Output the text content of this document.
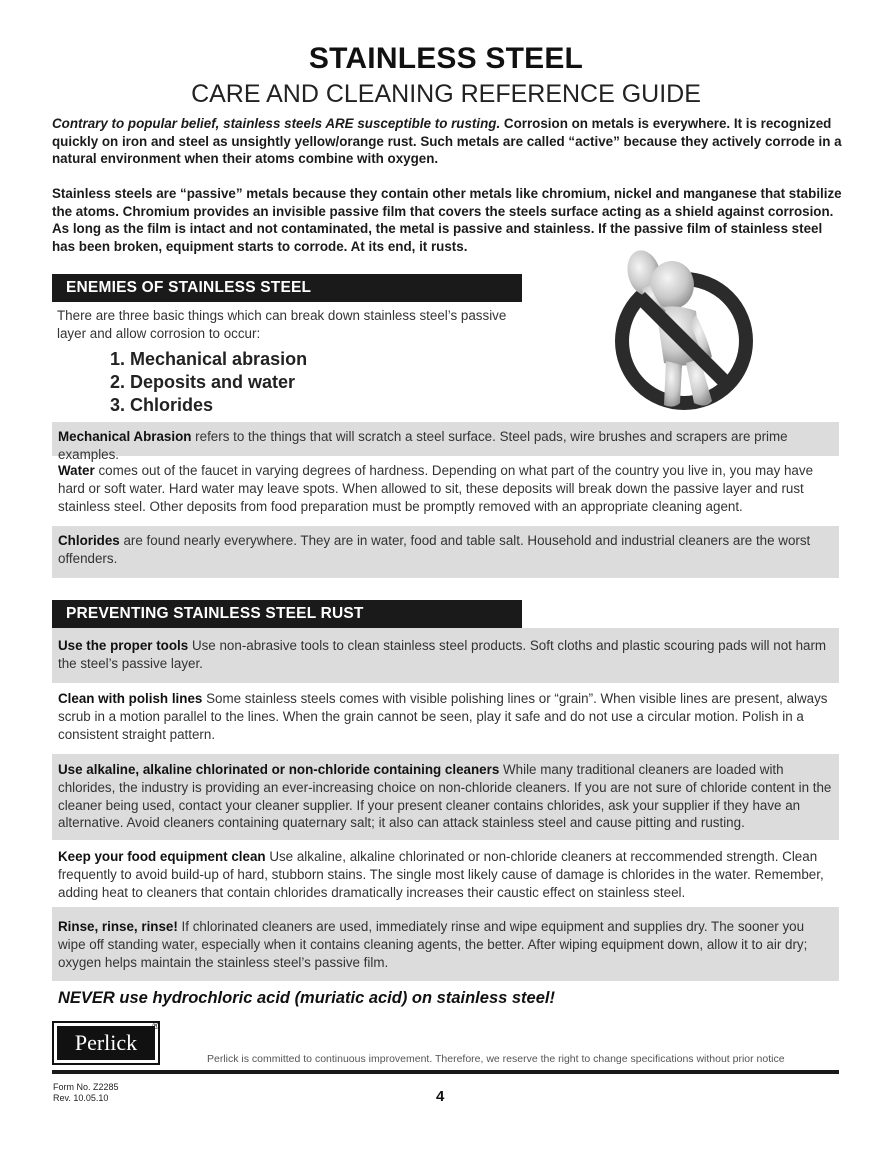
STAINLESS STEEL
CARE AND CLEANING REFERENCE GUIDE
Contrary to popular belief, stainless steels ARE susceptible to rusting. Corrosion on metals is everywhere. It is recognized quickly on iron and steel as unsightly yellow/orange rust. Such metals are called “active” because they actively corrode in a natural environment when their atoms combine with oxygen.
Stainless steels are “passive” metals because they contain other metals like chromium, nickel and manganese that stabilize the atoms. Chromium provides an invisible passive film that covers the steels surface acting as a shield against corrosion. As long as the film is intact and not contaminated, the metal is passive and stainless. If the passive film of stainless steel has been broken, equipment starts to corrode. At its end, it rusts.
ENEMIES OF STAINLESS STEEL
There are three basic things which can break down stainless steel’s passive layer and allow corrosion to occur:
1. Mechanical abrasion
2. Deposits and water
3. Chlorides
Mechanical Abrasion refers to the things that will scratch a steel surface. Steel pads, wire brushes and scrapers are prime examples.
Water comes out of the faucet in varying degrees of hardness. Depending on what part of the country you live in, you may have hard or soft water. Hard water may leave spots. When allowed to sit, these deposits will break down the passive layer and rust stainless steel. Other deposits from food preparation must be promptly removed with an appropriate cleaning agent.
Chlorides are found nearly everywhere. They are in water, food and table salt. Household and industrial cleaners are the worst offenders.
PREVENTING STAINLESS STEEL RUST
Use the proper tools Use non-abrasive tools to clean stainless steel products. Soft cloths and plastic scouring pads will not harm the steel’s passive layer.
Clean with polish lines Some stainless steels comes with visible polishing lines or “grain”. When visible lines are present, always scrub in a motion parallel to the lines. When the grain cannot be seen, play it safe and do not use a circular motion. Polish in a consistent straight pattern.
Use alkaline, alkaline chlorinated or non-chloride containing cleaners While many traditional cleaners are loaded with chlorides, the industry is providing an ever-increasing choice on non-chloride cleaners. If you are not sure of chloride content in the cleaner being used, contact your cleaner supplier. If your present cleaner contains chlorides, ask your supplier if they have an alternative. Avoid cleaners containing quaternary salt; it also can attack stainless steel and cause pitting and rusting.
Keep your food equipment clean Use alkaline, alkaline chlorinated or non-chloride cleaners at reccommended strength. Clean frequently to avoid build-up of hard, stubborn stains. The single most likely cause of damage is chlorides in the water. Remember, adding heat to cleaners that contain chlorides dramatically increases their caustic effect on stainless steel.
Rinse, rinse, rinse! If chlorinated cleaners are used, immediately rinse and wipe equipment and supplies dry. The sooner you wipe off standing water, especially when it contains cleaning agents, the better. After wiping equipment down, allow it to air dry; oxygen helps maintain the stainless steel’s passive film.
NEVER use hydrochloric acid (muriatic acid) on stainless steel!
Perlick
®
Perlick is committed to continuous improvement. Therefore, we reserve the right to change specifications without prior notice
Form No. Z2285
Rev. 10.05.10	4
